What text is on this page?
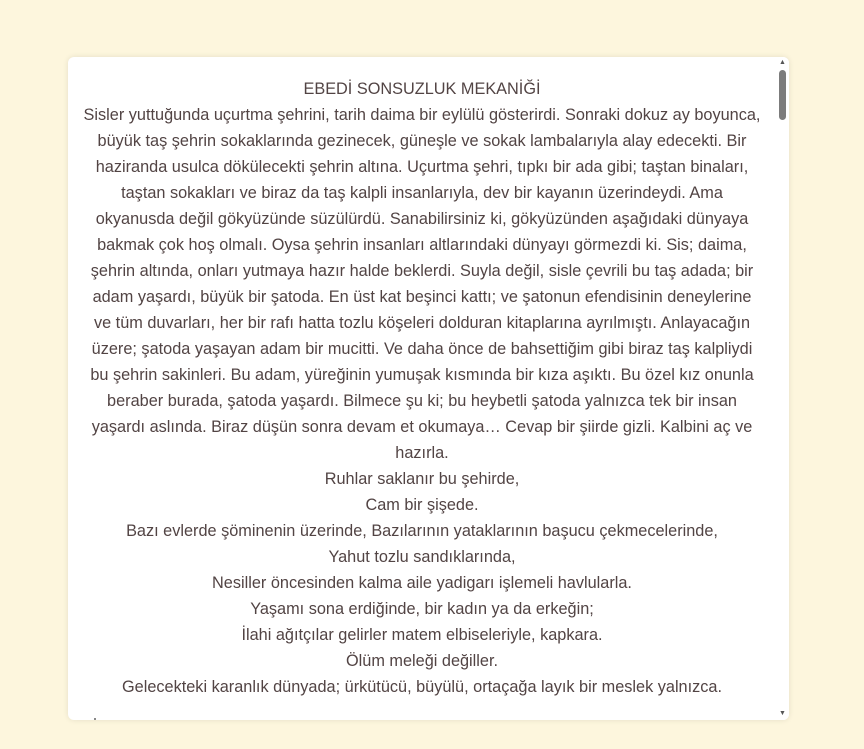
EBEDİ SONSUZLUK MEKANİĞİ
Sisler yuttuğunda uçurtma şehrini, tarih daima bir eylülü gösterirdi. Sonraki dokuz ay boyunca, büyük taş şehrin sokaklarında gezinecek, güneşle ve sokak lambalarıyla alay edecekti. Bir haziranda usulca dökülecekti şehrin altına. Uçurtma şehri, tıpkı bir ada gibi; taştan binaları, taştan sokakları ve biraz da taş kalpli insanlarıyla, dev bir kayanın üzerindeydi. Ama okyanusda değil gökyüzünde süzülürdü. Sanabilirsiniz ki, gökyüzünden aşağıdaki dünyaya bakmak çok hoş olmalı. Oysa şehrin insanları altlarındaki dünyayı görmezdi ki. Sis; daima, şehrin altında, onları yutmaya hazır halde beklerdi. Suyla değil, sisle çevrili bu taş adada; bir adam yaşardı, büyük bir şatoda. En üst kat beşinci kattı; ve şatonun efendisinin deneylerine ve tüm duvarları, her bir rafı hatta tozlu köşeleri dolduran kitaplarına ayrılmıştı. Anlayacağın üzere; şatoda yaşayan adam bir mucitti. Ve daha önce de bahsettiğim gibi biraz taş kalpliydi bu şehrin sakinleri. Bu adam, yüreğinin yumuşak kısmında bir kıza aşıktı. Bu özel kız onunla beraber burada, şatoda yaşardı. Bilmece şu ki; bu heybetli şatoda yalnızca tek bir insan yaşardı aslında. Biraz düşün sonra devam et okumaya… Cevap bir şiirde gizli. Kalbini aç ve hazırla.
Ruhlar saklanır bu şehirde,
Cam bir şişede.
Bazı evlerde şöminenin üzerinde, Bazılarının yataklarının başucu çekmecelerinde,
Yahut tozlu sandıklarında,
Nesiller öncesinden kalma aile yadigarı işlemeli havlularla.
Yaşamı sona erdiğinde, bir kadın ya da erkeğin;
İlahi ağıtçılar gelirler matem elbiseleriyle, kapkara.
Ölüm meleği değiller.
Gelecekteki karanlık dünyada; ürkütücü, büyülü, ortaçağa layık bir meslek yalnızca.
▲
▼
